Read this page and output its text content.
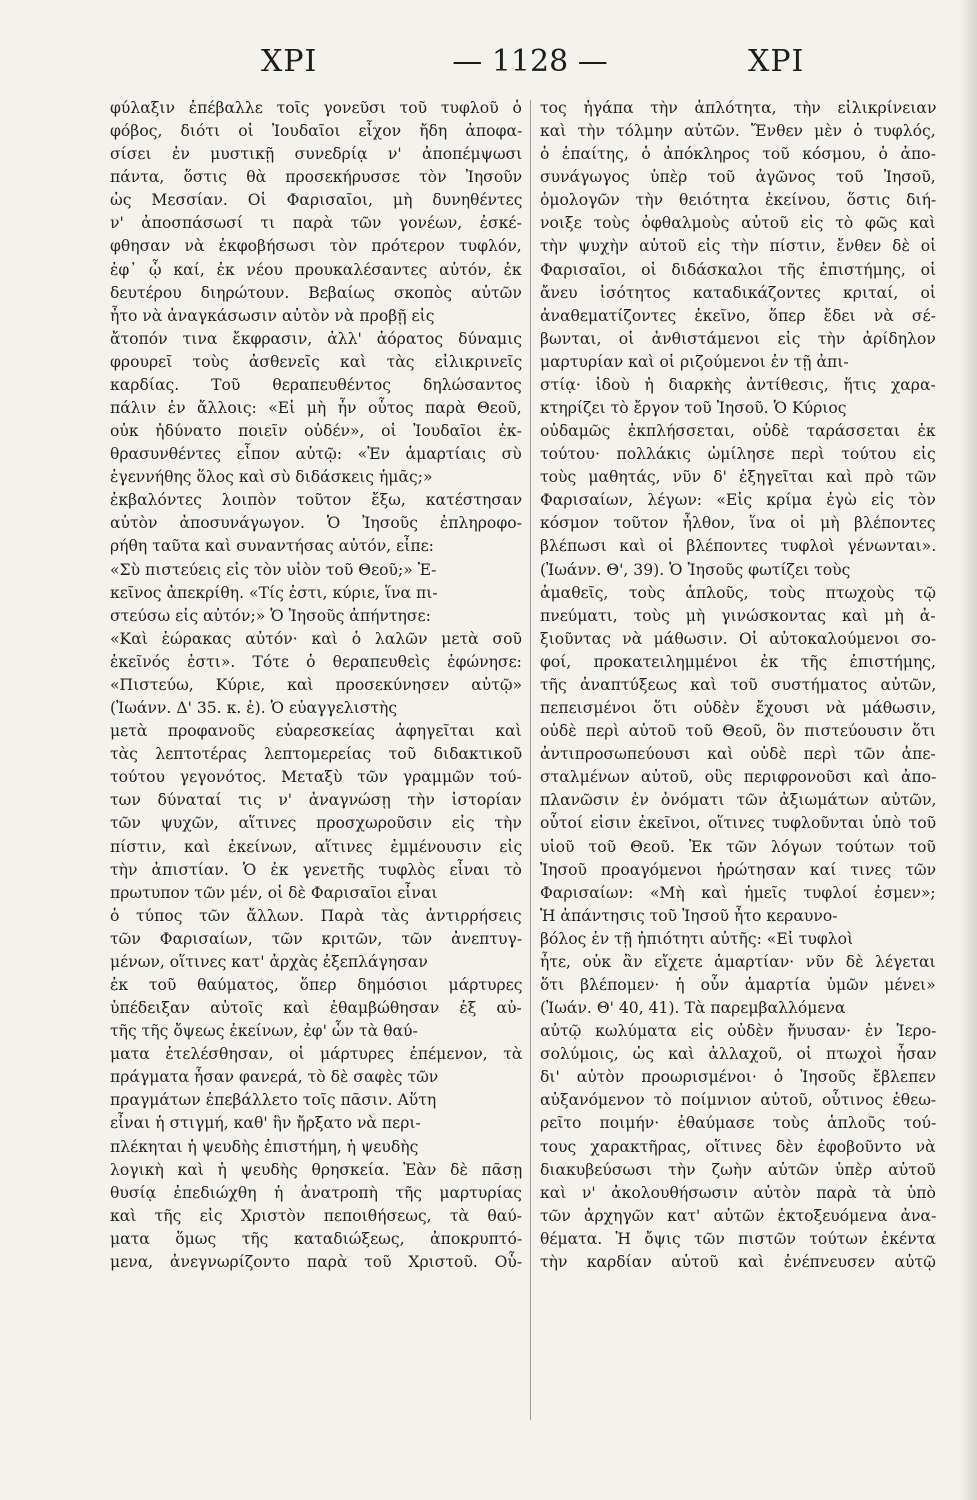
ΧΡΙ	— 1128 —	ΧΡΙ
φύλαξιν ἐπέβαλλε τοῖς γονεῦσι τοῦ τυφλοῦ ὁ
φόβος, διότι οἱ Ἰουδαῖοι εἶχον ἤδη ἀποφα-
σίσει ἐν μυστικῇ συνεδρίᾳ ν' ἀποπέμψωσι
πάντα, ὅστις θὰ προσεκήρυσσε τὸν Ἰησοῦν
ὡς Μεσσίαν. Οἱ Φαρισαῖοι, μὴ δυνηθέντες
ν' ἀποσπάσωσί τι παρὰ τῶν γονέων, ἐσκέ-
φθησαν νὰ ἐκφοβήσωσι τὸν πρότερον τυφλόν,
ἐφ᾽ ᾧ καί, ἐκ νέου προυκαλέσαντες αὐτόν, ἐκ
δευτέρου διηρώτουν. Βεβαίως σκοπὸς αὐτῶν
ἦτο νὰ ἀναγκάσωσιν αὐτὸν νὰ προβῇ εἰς
ἄτοπόν τινα ἔκφρασιν, ἀλλ' ἀόρατος δύναμις
φρουρεῖ τοὺς ἀσθενεῖς καὶ τὰς εἰλικρινεῖς
καρδίας. Τοῦ θεραπευθέντος δηλώσαντος
πάλιν ἐν ἄλλοις: «Εἰ μὴ ἦν οὗτος παρὰ Θεοῦ,
οὐκ ἠδύνατο ποιεῖν οὐδέν», οἱ Ἰουδαῖοι ἐκ-
θρασυνθέντες εἶπον αὐτῷ: «Ἐν ἁμαρτίαις σὺ
ἐγεννήθης ὅλος καὶ σὺ διδάσκεις ἡμᾶς;»
ἐκβαλόντες λοιπὸν τοῦτον ἔξω, κατέστησαν
αὐτὸν ἀποσυνάγωγον. Ὁ Ἰησοῦς ἐπληροφο-
ρήθη ταῦτα καὶ συναντήσας αὐτόν, εἶπε:
«Σὺ πιστεύεις εἰς τὸν υἱὸν τοῦ Θεοῦ;» Ἐ-
κεῖνος ἀπεκρίθη. «Τίς ἐστι, κύριε, ἵνα πι-
στεύσω εἰς αὐτόν;» Ὁ Ἰησοῦς ἀπήντησε:
«Καὶ ἑώρακας αὐτόν· καὶ ὁ λαλῶν μετὰ σοῦ
ἐκεῖνός ἐστι». Τότε ὁ θεραπευθεὶς ἐφώνησε:
«Πιστεύω, Κύριε, καὶ προσεκύνησεν αὐτῷ»
(Ἰωάνν. Δ' 35. κ. ἑ). Ὁ εὐαγγελιστὴς
μετὰ προφανοῦς εὐαρεσκείας ἀφηγεῖται καὶ
τὰς λεπτοτέρας λεπτομερείας τοῦ διδακτικοῦ
τούτου γεγονότος. Μεταξὺ τῶν γραμμῶν τού-
των δύναταί τις ν' ἀναγνώσῃ τὴν ἱστορίαν
τῶν ψυχῶν, αἵτινες προσχωροῦσιν εἰς τὴν
πίστιν, καὶ ἐκείνων, αἵτινες ἐμμένουσιν εἰς
τὴν ἀπιστίαν. Ὁ ἐκ γενετῆς τυφλὸς εἶναι τὸ
πρωτυπον τῶν μέν, οἱ δὲ Φαρισαῖοι εἶναι
ὁ τύπος τῶν ἄλλων. Παρὰ τὰς ἀντιρρήσεις
τῶν Φαρισαίων, τῶν κριτῶν, τῶν ἀνεπτυγ-
μένων, οἵτινες κατ' ἀρχὰς ἐξεπλάγησαν
ἐκ τοῦ θαύματος, ὅπερ δημόσιοι μάρτυρες
ὑπέδειξαν αὐτοῖς καὶ ἐθαμβώθησαν ἐξ αὐ-
τῆς τῆς ὄψεως ἐκείνων, ἐφ' ὧν τὰ θαύ-
ματα ἐτελέσθησαν, οἱ μάρτυρες ἐπέμενον, τὰ
πράγματα ἦσαν φανερά, τὸ δὲ σαφὲς τῶν
πραγμάτων ἐπεβάλλετο τοῖς πᾶσιν. Αὕτη
εἶναι ἡ στιγμή, καθ' ἣν ἤρξατο νὰ περι-
πλέκηται ἡ ψευδὴς ἐπιστήμη, ἡ ψευδὴς
λογικὴ καὶ ἡ ψευδὴς θρησκεία. Ἐὰν δὲ πᾶσῃ
θυσίᾳ ἐπεδιώχθη ἡ ἀνατροπὴ τῆς μαρτυρίας
καὶ τῆς εἰς Χριστὸν πεποιθήσεως, τὰ θαύ-
ματα ὅμως τῆς καταδιώξεως, ἀποκρυπτό-
μενα, ἀνεγνωρίζοντο παρὰ τοῦ Χριστοῦ. Οὗ-
τος ἠγάπα τὴν ἁπλότητα, τὴν εἰλικρίνειαν
καὶ τὴν τόλμην αὐτῶν. Ἔνθεν μὲν ὁ τυφλός,
ὁ ἐπαίτης, ὁ ἀπόκληρος τοῦ κόσμου, ὁ ἀπο-
συνάγωγος ὑπὲρ τοῦ ἀγῶνος τοῦ Ἰησοῦ,
ὁμολογῶν τὴν θειότητα ἐκείνου, ὅστις διή-
νοιξε τοὺς ὀφθαλμοὺς αὐτοῦ εἰς τὸ φῶς καὶ
τὴν ψυχὴν αὐτοῦ εἰς τὴν πίστιν, ἔνθεν δὲ οἱ
Φαρισαῖοι, οἱ διδάσκαλοι τῆς ἐπιστήμης, οἱ
ἄνευ ἰσότητος καταδικάζοντες κριταί, οἱ
ἀναθεματίζοντες ἐκεῖνο, ὅπερ ἔδει νὰ σέ-
βωνται, οἱ ἀνθιστάμενοι εἰς τὴν ἀρίδηλον
μαρτυρίαν καὶ οἱ ριζούμενοι ἐν τῇ ἀπι-
στίᾳ· ἰδοὺ ἡ διαρκὴς ἀντίθεσις, ἥτις χαρα-
κτηρίζει τὸ ἔργον τοῦ Ἰησοῦ. Ὁ Κύριος
οὐδαμῶς ἐκπλήσσεται, οὐδὲ ταράσσεται ἐκ
τούτου· πολλάκις ὡμίλησε περὶ τούτου εἰς
τοὺς μαθητάς, νῦν δ' ἐξηγεῖται καὶ πρὸ τῶν
Φαρισαίων, λέγων: «Εἰς κρίμα ἐγὼ εἰς τὸν
κόσμον τοῦτον ἦλθον, ἵνα οἱ μὴ βλέποντες
βλέπωσι καὶ οἱ βλέποντες τυφλοὶ γένωνται».
(Ἰωάνν. Θ', 39). Ὁ Ἰησοῦς φωτίζει τοὺς
ἀμαθεῖς, τοὺς ἁπλοῦς, τοὺς πτωχοὺς τῷ
πνεύματι, τοὺς μὴ γινώσκοντας καὶ μὴ ἀ-
ξιοῦντας νὰ μάθωσιν. Οἱ αὐτοκαλούμενοι σο-
φοί, προκατειλημμένοι ἐκ τῆς ἐπιστήμης,
τῆς ἀναπτύξεως καὶ τοῦ συστήματος αὐτῶν,
πεπεισμένοι ὅτι οὐδὲν ἔχουσι νὰ μάθωσιν,
οὐδὲ περὶ αὐτοῦ τοῦ Θεοῦ, ὃν πιστεύουσιν ὅτι
ἀντιπροσωπεύουσι καὶ οὐδὲ περὶ τῶν ἀπε-
σταλμένων αὐτοῦ, οὓς περιφρονοῦσι καὶ ἀπο-
πλανῶσιν ἐν ὀνόματι τῶν ἀξιωμάτων αὐτῶν,
οὗτοί εἰσιν ἐκεῖνοι, οἵτινες τυφλοῦνται ὑπὸ τοῦ
υἱοῦ τοῦ Θεοῦ. Ἐκ τῶν λόγων τούτων τοῦ
Ἰησοῦ προαγόμενοι ἠρώτησαν καί τινες τῶν
Φαρισαίων: «Μὴ καὶ ἡμεῖς τυφλοί ἐσμεν»;
Ἡ ἀπάντησις τοῦ Ἰησοῦ ἦτο κεραυνο-
βόλος ἐν τῇ ἠπιότητι αὐτῆς: «Εἰ τυφλοὶ
ἦτε, οὐκ ἂν εἴχετε ἁμαρτίαν· νῦν δὲ λέγεται
ὅτι βλέπομεν· ἡ οὖν ἁμαρτία ὑμῶν μένει»
(Ἰωάν. Θ' 40, 41). Τὰ παρεμβαλλόμενα
αὐτῷ κωλύματα εἰς οὐδὲν ἤνυσαν· ἐν Ἱερο-
σολύμοις, ὡς καὶ ἀλλαχοῦ, οἱ πτωχοὶ ἦσαν
δι' αὐτὸν προωρισμένοι· ὁ Ἰησοῦς ἔβλεπεν
αὐξανόμενον τὸ ποίμνιον αὐτοῦ, οὗτινος ἐθεω-
ρεῖτο ποιμήν· ἐθαύμασε τοὺς ἁπλοῦς τού-
τους χαρακτῆρας, οἵτινες δὲν ἐφοβοῦντο νὰ
διακυβεύσωσι τὴν ζωὴν αὐτῶν ὑπὲρ αὐτοῦ
καὶ ν' ἀκολουθήσωσιν αὐτὸν παρὰ τὰ ὑπὸ
τῶν ἀρχηγῶν κατ' αὐτῶν ἐκτοξευόμενα ἀνα-
θέματα. Ἡ ὄψις τῶν πιστῶν τούτων ἐκέντα
τὴν καρδίαν αὐτοῦ καὶ ἐνέπνευσεν αὐτῷ
